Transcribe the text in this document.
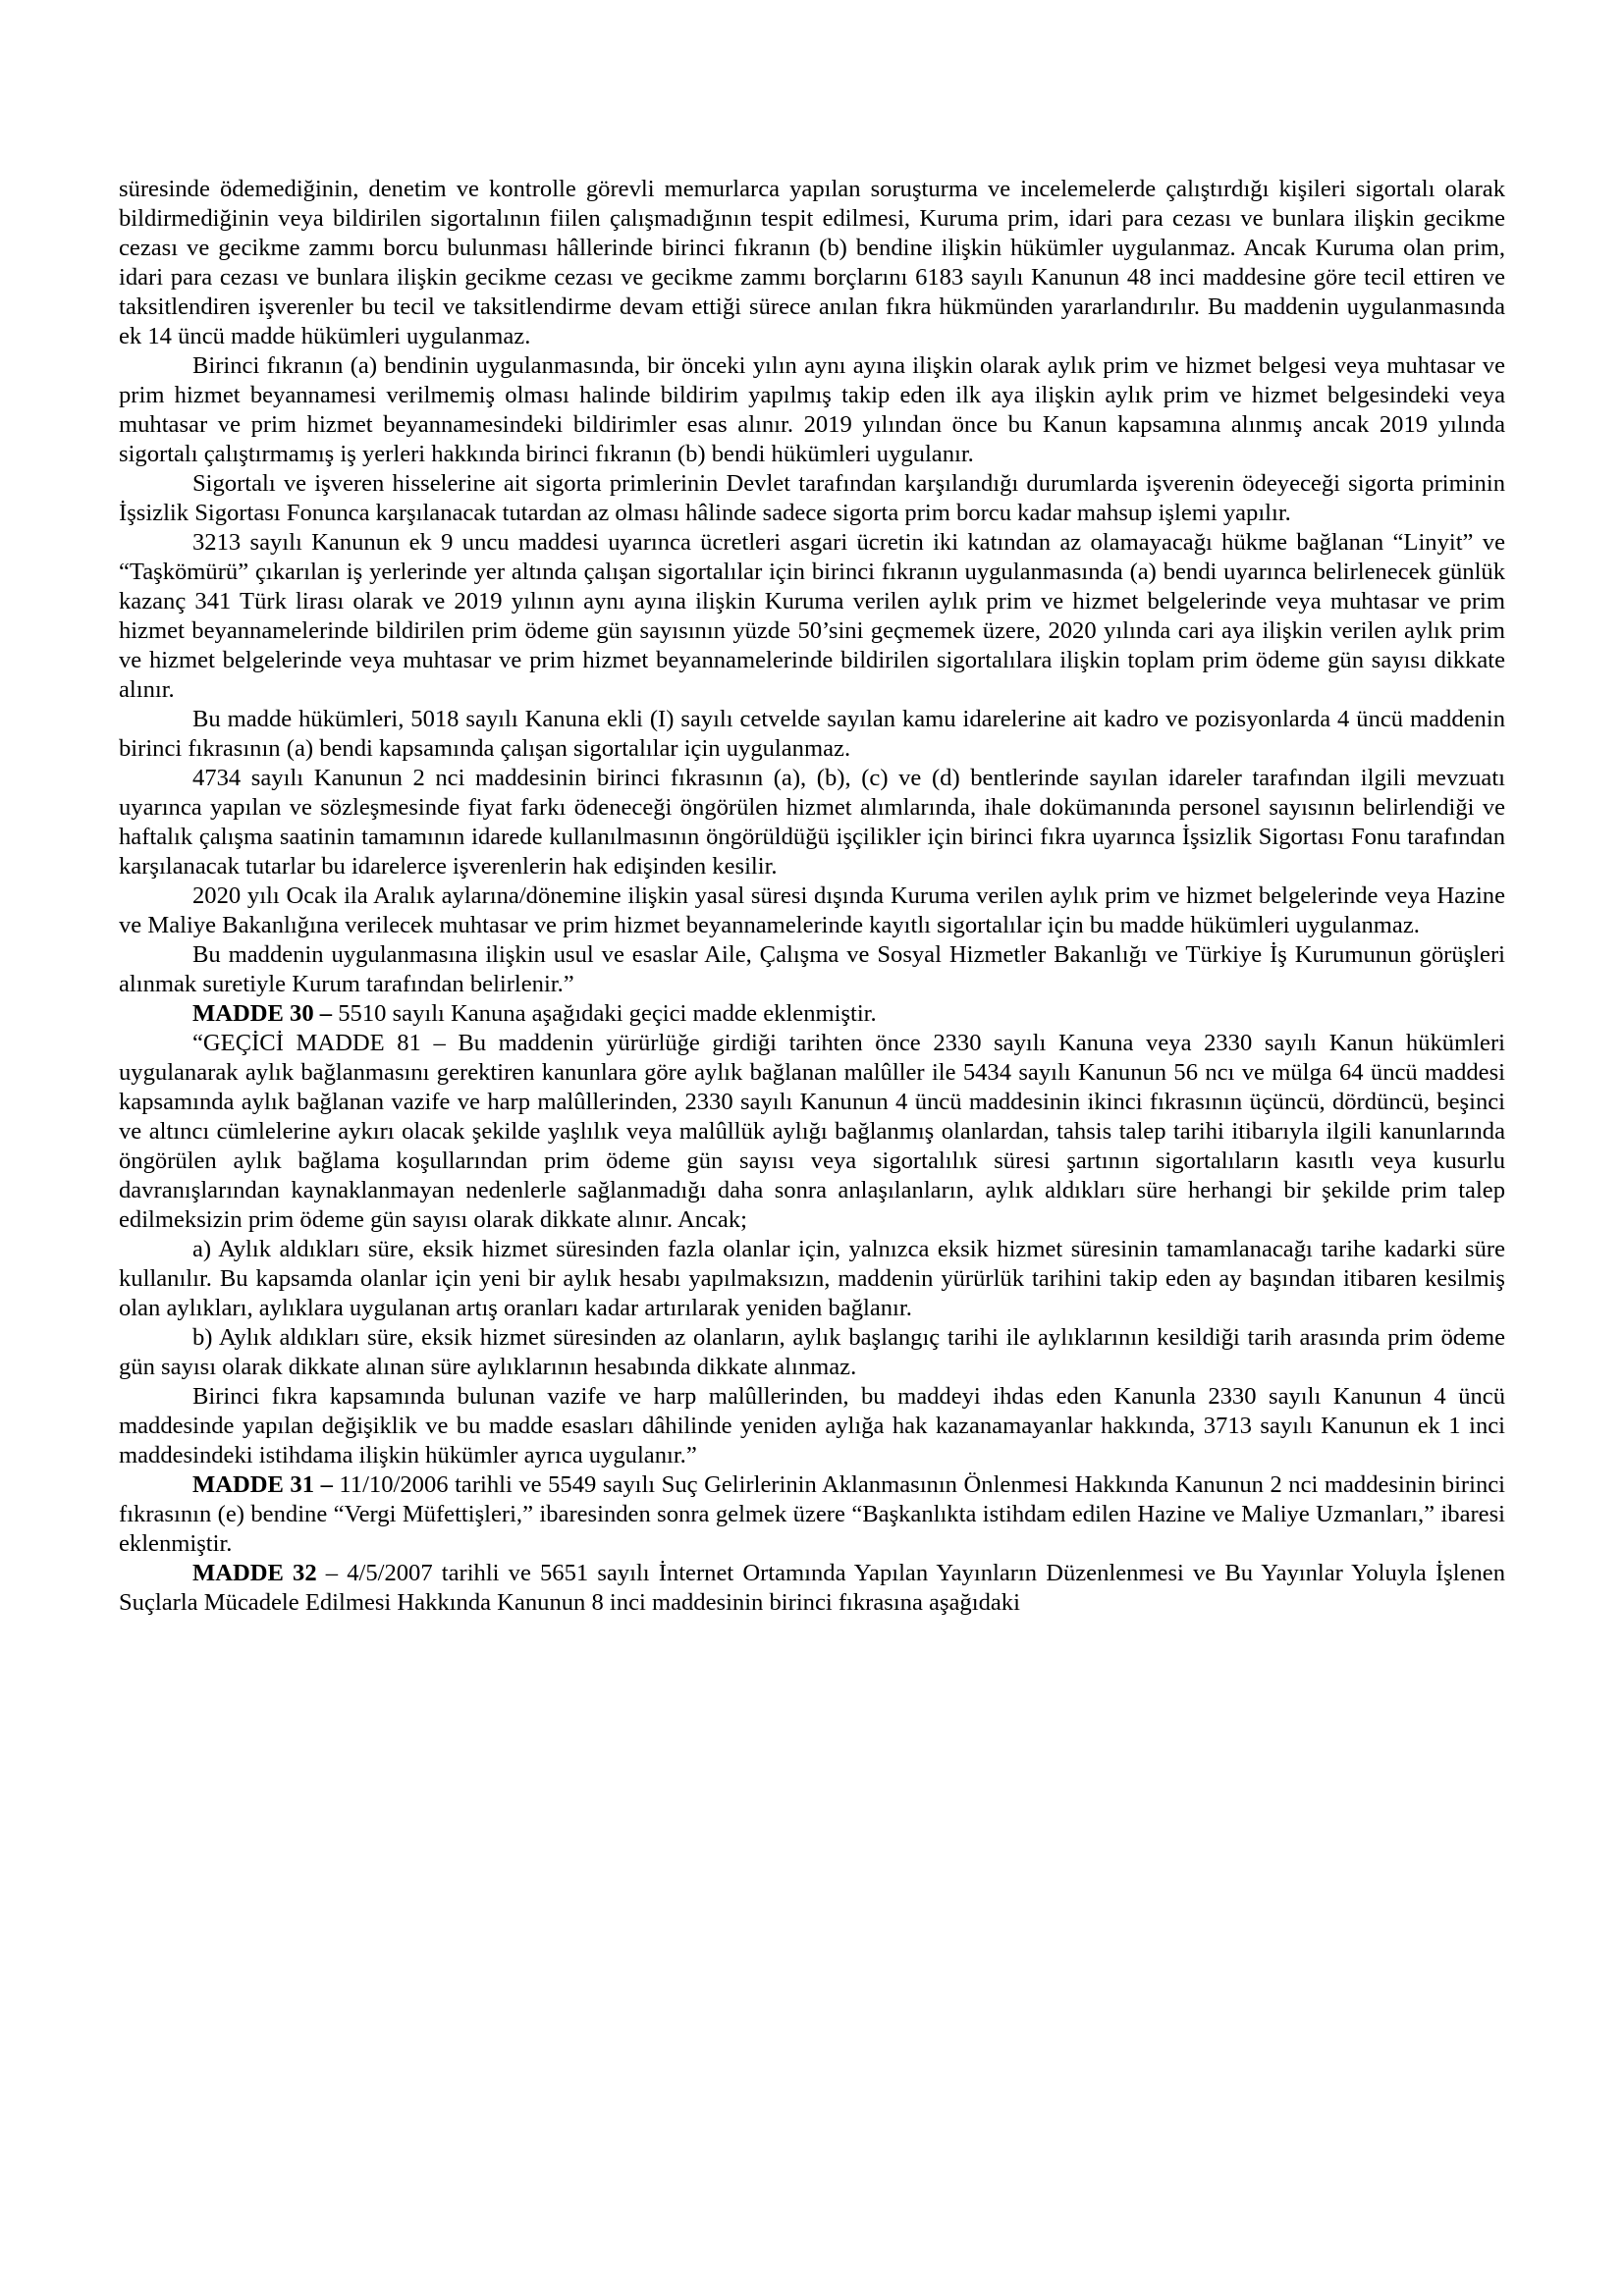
süresinde ödemediğinin, denetim ve kontrolle görevli memurlarca yapılan soruşturma ve incelemelerde çalıştırdığı kişileri sigortalı olarak bildirmediğinin veya bildirilen sigortalının fiilen çalışmadığının tespit edilmesi, Kuruma prim, idari para cezası ve bunlara ilişkin gecikme cezası ve gecikme zammı borcu bulunması hâllerinde birinci fıkranın (b) bendine ilişkin hükümler uygulanmaz. Ancak Kuruma olan prim, idari para cezası ve bunlara ilişkin gecikme cezası ve gecikme zammı borçlarını 6183 sayılı Kanunun 48 inci maddesine göre tecil ettiren ve taksitlendiren işverenler bu tecil ve taksitlendirme devam ettiği sürece anılan fıkra hükmünden yararlandırılır. Bu maddenin uygulanmasında ek 14 üncü madde hükümleri uygulanmaz.

Birinci fıkranın (a) bendinin uygulanmasında, bir önceki yılın aynı ayına ilişkin olarak aylık prim ve hizmet belgesi veya muhtasar ve prim hizmet beyannamesi verilmemiş olması halinde bildirim yapılmış takip eden ilk aya ilişkin aylık prim ve hizmet belgesindeki veya muhtasar ve prim hizmet beyannamesindeki bildirimler esas alınır. 2019 yılından önce bu Kanun kapsamına alınmış ancak 2019 yılında sigortalı çalıştırmamış iş yerleri hakkında birinci fıkranın (b) bendi hükümleri uygulanır.

Sigortalı ve işveren hisselerine ait sigorta primlerinin Devlet tarafından karşılandığı durumlarda işverenin ödeyeceği sigorta priminin İşsizlik Sigortası Fonunca karşılanacak tutardan az olması hâlinde sadece sigorta prim borcu kadar mahsup işlemi yapılır.

3213 sayılı Kanunun ek 9 uncu maddesi uyarınca ücretleri asgari ücretin iki katından az olamayacağı hükme bağlanan “Linyit” ve “Taşkömürü” çıkarılan iş yerlerinde yer altında çalışan sigortalılar için birinci fıkranın uygulanmasında (a) bendi uyarınca belirlenecek günlük kazanç 341 Türk lirası olarak ve 2019 yılının aynı ayına ilişkin Kuruma verilen aylık prim ve hizmet belgelerinde veya muhtasar ve prim hizmet beyannamelerinde bildirilen prim ödeme gün sayısının yüzde 50’sini geçmemek üzere, 2020 yılında cari aya ilişkin verilen aylık prim ve hizmet belgelerinde veya muhtasar ve prim hizmet beyannamelerinde bildirilen sigortalılara ilişkin toplam prim ödeme gün sayısı dikkate alınır.

Bu madde hükümleri, 5018 sayılı Kanuna ekli (I) sayılı cetvelde sayılan kamu idarelerine ait kadro ve pozisyonlarda 4 üncü maddenin birinci fıkrasının (a) bendi kapsamında çalışan sigortalılar için uygulanmaz.

4734 sayılı Kanunun 2 nci maddesinin birinci fıkrasının (a), (b), (c) ve (d) bentlerinde sayılan idareler tarafından ilgili mevzuatı uyarınca yapılan ve sözleşmesinde fiyat farkı ödeneceği öngörülen hizmet alımlarında, ihale dokümanında personel sayısının belirlendiği ve haftalık çalışma saatinin tamamının idarede kullanılmasının öngörüldüğü işçilikler için birinci fıkra uyarınca İşsizlik Sigortası Fonu tarafından karşılanacak tutarlar bu idarelerce işverenlerin hak edişinden kesilir.

2020 yılı Ocak ila Aralık aylarına/dönemine ilişkin yasal süresi dışında Kuruma verilen aylık prim ve hizmet belgelerinde veya Hazine ve Maliye Bakanlığına verilecek muhtasar ve prim hizmet beyannamelerinde kayıtlı sigortalılar için bu madde hükümleri uygulanmaz.

Bu maddenin uygulanmasına ilişkin usul ve esaslar Aile, Çalışma ve Sosyal Hizmetler Bakanlığı ve Türkiye İş Kurumunun görüşleri alınmak suretiyle Kurum tarafından belirlenir.”

MADDE 30 – 5510 sayılı Kanuna aşağıdaki geçici madde eklenmiştir.

“GEÇİCİ MADDE 81 – Bu maddenin yürürlüğe girdiği tarihten önce 2330 sayılı Kanuna veya 2330 sayılı Kanun hükümleri uygulanarak aylık bağlanmasını gerektiren kanunlara göre aylık bağlanan malûller ile 5434 sayılı Kanunun 56 ncı ve mülga 64 üncü maddesi kapsamında aylık bağlanan vazife ve harp malûllerinden, 2330 sayılı Kanunun 4 üncü maddesinin ikinci fıkrasının üçüncü, dördüncü, beşinci ve altıncı cümlelerine aykırı olacak şekilde yaşlılık veya malûllük aylığı bağlanmış olanlardan, tahsis talep tarihi itibarıyla ilgili kanunlarında öngörülen aylık bağlama koşullarından prim ödeme gün sayısı veya sigortalılık süresi şartının sigortalıların kasıtlı veya kusurlu davranışlarından kaynaklanmayan nedenlerle sağlanmadığı daha sonra anlaşılanların, aylık aldıkları süre herhangi bir şekilde prim talep edilmeksizin prim ödeme gün sayısı olarak dikkate alınır. Ancak;

a) Aylık aldıkları süre, eksik hizmet süresinden fazla olanlar için, yalnızca eksik hizmet süresinin tamamlanacağı tarihe kadarki süre kullanılır. Bu kapsamda olanlar için yeni bir aylık hesabı yapılmaksızın, maddenin yürürlük tarihini takip eden ay başından itibaren kesilmiş olan aylıkları, aylıklara uygulanan artış oranları kadar artırılarak yeniden bağlanır.

b) Aylık aldıkları süre, eksik hizmet süresinden az olanların, aylık başlangıç tarihi ile aylıklarının kesildiği tarih arasında prim ödeme gün sayısı olarak dikkate alınan süre aylıklarının hesabında dikkate alınmaz.

Birinci fıkra kapsamında bulunan vazife ve harp malûllerinden, bu maddeyi ihdas eden Kanunla 2330 sayılı Kanunun 4 üncü maddesinde yapılan değişiklik ve bu madde esasları dâhilinde yeniden aylığa hak kazanamayanlar hakkında, 3713 sayılı Kanunun ek 1 inci maddesindeki istihdama ilişkin hükümler ayrıca uygulanır.”

MADDE 31 – 11/10/2006 tarihli ve 5549 sayılı Suç Gelirlerinin Aklanmasının Önlenmesi Hakkında Kanunun 2 nci maddesinin birinci fıkrasının (e) bendine “Vergi Müfettişleri,” ibaresinden sonra gelmek üzere “Başkanlıkta istihdam edilen Hazine ve Maliye Uzmanları,” ibaresi eklenmiştir.

MADDE 32 – 4/5/2007 tarihli ve 5651 sayılı İnternet Ortamında Yapılan Yayınların Düzenlenmesi ve Bu Yayınlar Yoluyla İşlenen Suçlarla Mücadele Edilmesi Hakkında Kanunun 8 inci maddesinin birinci fıkrasına aşağıdaki
